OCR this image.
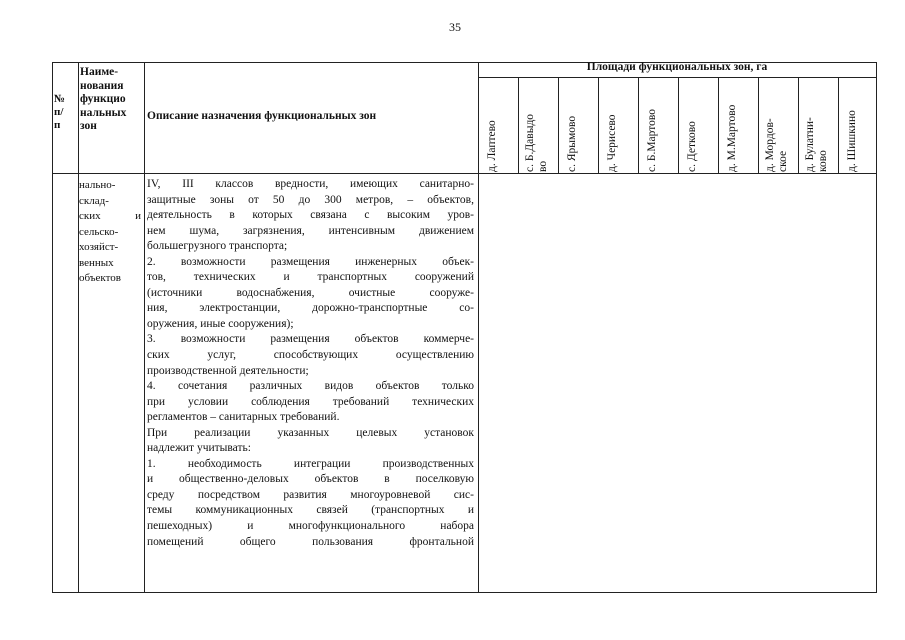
35
№
п/
п
Наиме-
нования
функцио
нальных
зон
Описание назначения функциональных зон
Площади функциональных зон, га
д. Лаптево с. Б.Давыдо во с. Ярымово д. Черисево с. Б.Мартово с. Детково д. М.Мартово д. Мордов- ское д. Булатни- ково д. Шишкино
нально-
склад-
ских     и
сельско-
хозяйст-
венных
объектов
IV, III классов вредности, имеющих санитарно-
защитные зоны от 50 до 300 метров, – объектов,
деятельность в которых связана с высоким уров-
нем шума, загрязнения, интенсивным движением
большегрузного транспорта;
2. возможности размещения инженерных объек-
тов, технических и транспортных сооружений
(источники водоснабжения, очистные сооруже-
ния, электростанции, дорожно-транспортные со-
оружения, иные сооружения);
3. возможности размещения объектов коммерче-
ских услуг, способствующих осуществлению
производственной деятельности;
4. сочетания различных видов объектов только
при условии соблюдения требований технических
регламентов – санитарных требований.
При реализации указанных целевых установок
надлежит учитывать:
1. необходимость интеграции производственных
и общественно-деловых объектов в поселковую
среду посредством развития многоуровневой сис-
темы коммуникационных связей (транспортных и
пешеходных) и многофункционального набора
помещений общего пользования фронтальной
